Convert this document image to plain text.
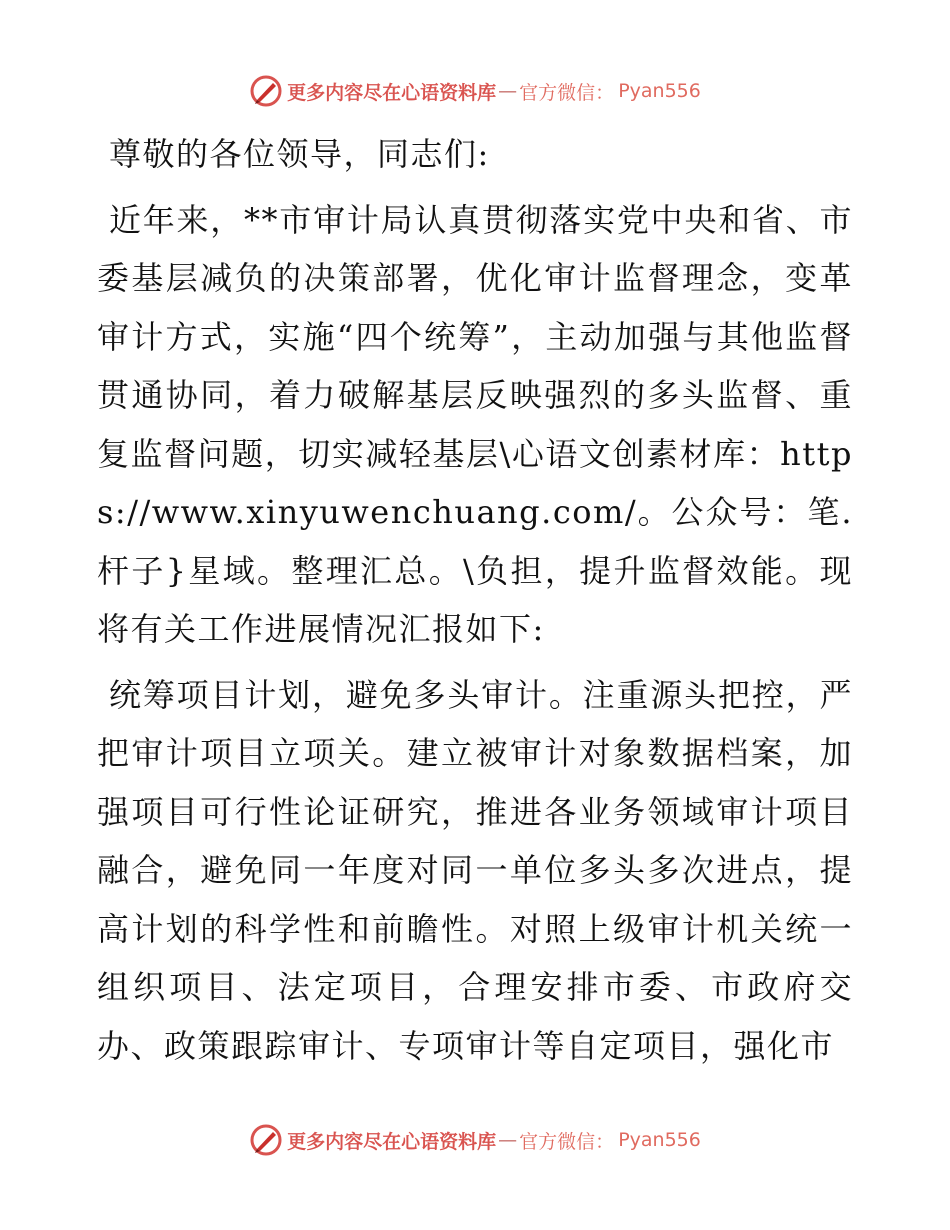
更多内容尽在心语资料库 — 官方微信： Pyan556

尊敬的各位领导，同志们:

近年来，**市审计局认真贯彻落实党中央和省、市委基层减负的决策部署，优化审计监督理念，变革审计方式，实施“四个统筹”，主动加强与其他监督贯通协同，着力破解基层反映强烈的多头监督、重复监督问题，切实减轻基层\心语文创素材库：https://www.xinyuwenchuang.com/。公众号：笔.杆子}星域。整理汇总。\负担，提升监督效能。现将有关工作进展情况汇报如下:

统筹项目计划，避免多头审计。注重源头把控，严把审计项目立项关。建立被审计对象数据档案，加强项目可行性论证研究，推进各业务领域审计项目融合，避免同一年度对同一单位多头多次进点，提高计划的科学性和前瞻性。对照上级审计机关统一组织项目、法定项目，合理安排市委、市政府交办、政策跟踪审计、专项审计等自定项目，强化市

更多内容尽在心语资料库 — 官方微信： Pyan556
